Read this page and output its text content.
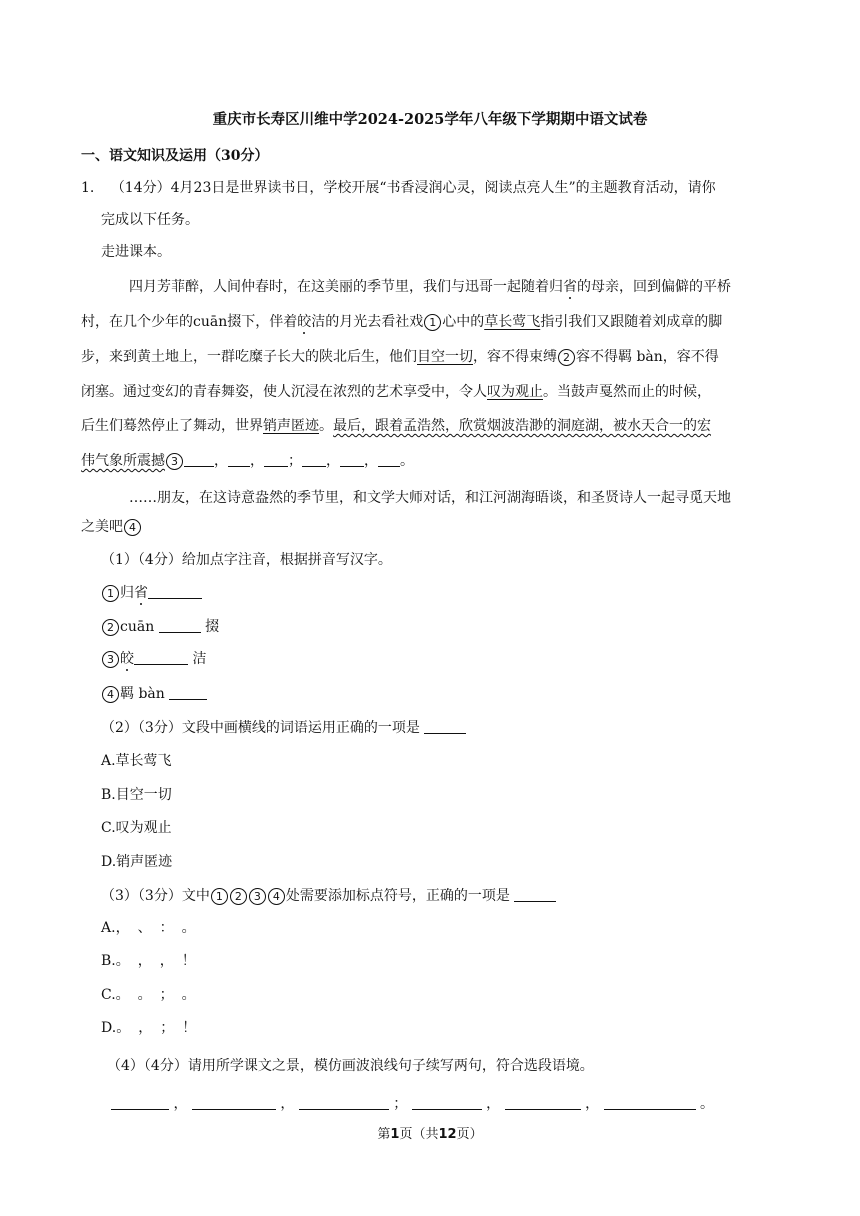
重庆市长寿区川维中学2024-2025学年八年级下学期期中语文试卷
一、语文知识及运用（30分）
1. （14分）4月23日是世界读书日，学校开展“书香浸润心灵，阅读点亮人生”的主题教育活动，请你
完成以下任务。
走进课本。
四月芳菲醉，人间仲春时，在这美丽的季节里，我们与迅哥一起随着归省的母亲，回到偏僻的平桥
村，在几个少年的cuān掇下，伴着皎洁的月光去看社戏 1 心中的草长莺飞指引我们又跟随着刘成章的脚
步，来到黄土地上，一群吃糜子长大的陕北后生，他们目空一切，容不得束缚 2 容不得羁 bàn，容不得
闭塞。通过变幻的青春舞姿，使人沉浸在浓烈的艺术享受中，令人叹为观止。当鼓声戛然而止的时候，
后生们蓦然停止了舞动，世界销声匿迹。最后，跟着孟浩然，欣赏烟波浩渺的洞庭湖，被水天合一的宏
伟气象所震撼 3	， ， ； ， ， 。
……朋友，在这诗意盎然的季节里，和文学大师对话，和江河湖海晤谈，和圣贤诗人一起寻觅天地
之美吧 4
（1）（4分）给加点字注音，根据拼音写汉字。
1 归省
2 cuān	掇
3 皎	洁
4 羁 bàn
（2）（3分）文段中画横线的词语运用正确的一项是
A.草长莺飞
B.目空一切
C.叹为观止
D.销声匿迹
（3）（3分）文中 1 2 3 4 处需要添加标点符号，正确的一项是
A.， 、 ： 。
B.。 ， ， ！
C.。 。 ； 。
D.。 ， ； ！
（4）（4分）请用所学课文之景，模仿画波浪线句子续写两句，符合选段语境。
，	，	；	，	，	。
第1页（共12页）
